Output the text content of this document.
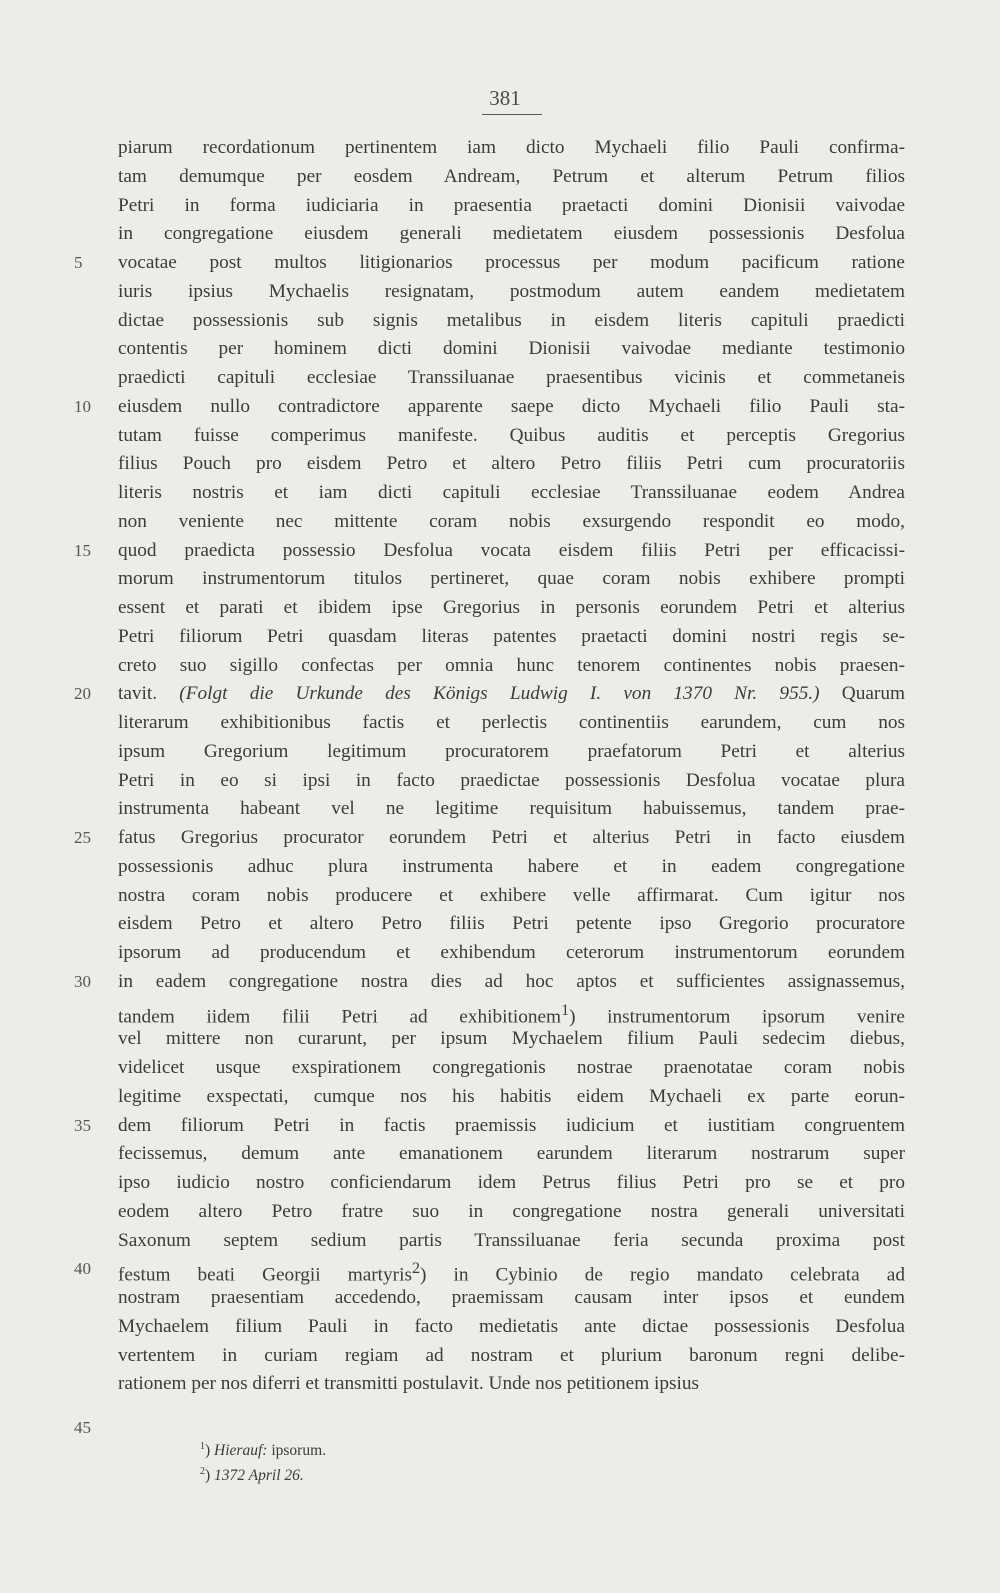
381
piarum recordationum pertinentem iam dicto Mychaeli filio Pauli confirma-
tam demumque per eosdem Andream, Petrum et alterum Petrum filios
Petri in forma iudiciaria in praesentia praetacti domini Dionisii vaivodae
in congregatione eiusdem generali medietatem eiusdem possessionis Desfolua
vocatae post multos litigionarios processus per modum pacificum ratione
5
iuris ipsius Mychaelis resignatam, postmodum autem eandem medietatem
dictae possessionis sub signis metalibus in eisdem literis capituli praedicti
contentis per hominem dicti domini Dionisii vaivodae mediante testimonio
praedicti capituli ecclesiae Transsiluanae praesentibus vicinis et commetaneis
eiusdem nullo contradictore apparente saepe dicto Mychaeli filio Pauli sta-
10
tutam fuisse comperimus manifeste. Quibus auditis et perceptis Gregorius
filius Pouch pro eisdem Petro et altero Petro filiis Petri cum procuratoriis
literis nostris et iam dicti capituli ecclesiae Transsiluanae eodem Andrea
non veniente nec mittente coram nobis exsurgendo respondit eo modo,
quod praedicta possessio Desfolua vocata eisdem filiis Petri per efficacissi-
15
morum instrumentorum titulos pertineret, quae coram nobis exhibere prompti
essent et parati et ibidem ipse Gregorius in personis eorundem Petri et alterius
Petri filiorum Petri quasdam literas patentes praetacti domini nostri regis se-
creto suo sigillo confectas per omnia hunc tenorem continentes nobis praesen-
tavit. (Folgt die Urkunde des Königs Ludwig I. von 1370 Nr. 955.) Quarum
20
literarum exhibitionibus factis et perlectis continentiis earundem, cum nos
ipsum Gregorium legitimum procuratorem praefatorum Petri et alterius
Petri in eo si ipsi in facto praedictae possessionis Desfolua vocatae plura
instrumenta habeant vel ne legitime requisitum habuissemus, tandem prae-
fatus Gregorius procurator eorundem Petri et alterius Petri in facto eiusdem
25
possessionis adhuc plura instrumenta habere et in eadem congregatione
nostra coram nobis producere et exhibere velle affirmarat. Cum igitur nos
eisdem Petro et altero Petro filiis Petri petente ipso Gregorio procuratore
ipsorum ad producendum et exhibendum ceterorum instrumentorum eorundem
in eadem congregatione nostra dies ad hoc aptos et sufficientes assignassemus,
30
tandem iidem filii Petri ad exhibitionem$^1$) instrumentorum ipsorum venire
vel mittere non curarunt, per ipsum Mychaelem filium Pauli sedecim diebus,
videlicet usque exspirationem congregationis nostrae praenotatae coram nobis
legitime exspectati, cumque nos his habitis eidem Mychaeli ex parte eorun-
dem filiorum Petri in factis praemissis iudicium et iustitiam congruentem
35
fecissemus, demum ante emanationem earundem literarum nostrarum super
ipso iudicio nostro conficiendarum idem Petrus filius Petri pro se et pro
eodem altero Petro fratre suo in congregatione nostra generali universitati
Saxonum septem sedium partis Transsiluanae feria secunda proxima post
festum beati Georgii martyris$^2$) in Cybinio de regio mandato celebrata ad
40
nostram praesentiam accedendo, praemissam causam inter ipsos et eundem
Mychaelem filium Pauli in facto medietatis ante dictae possessionis Desfolua
vertentem in curiam regiam ad nostram et plurium baronum regni delibe-
rationem per nos diferri et transmitti postulavit. Unde nos petitionem ipsius
45
$^1$) Hierauf: ipsorum.
$^2$) 1372 April 26.
